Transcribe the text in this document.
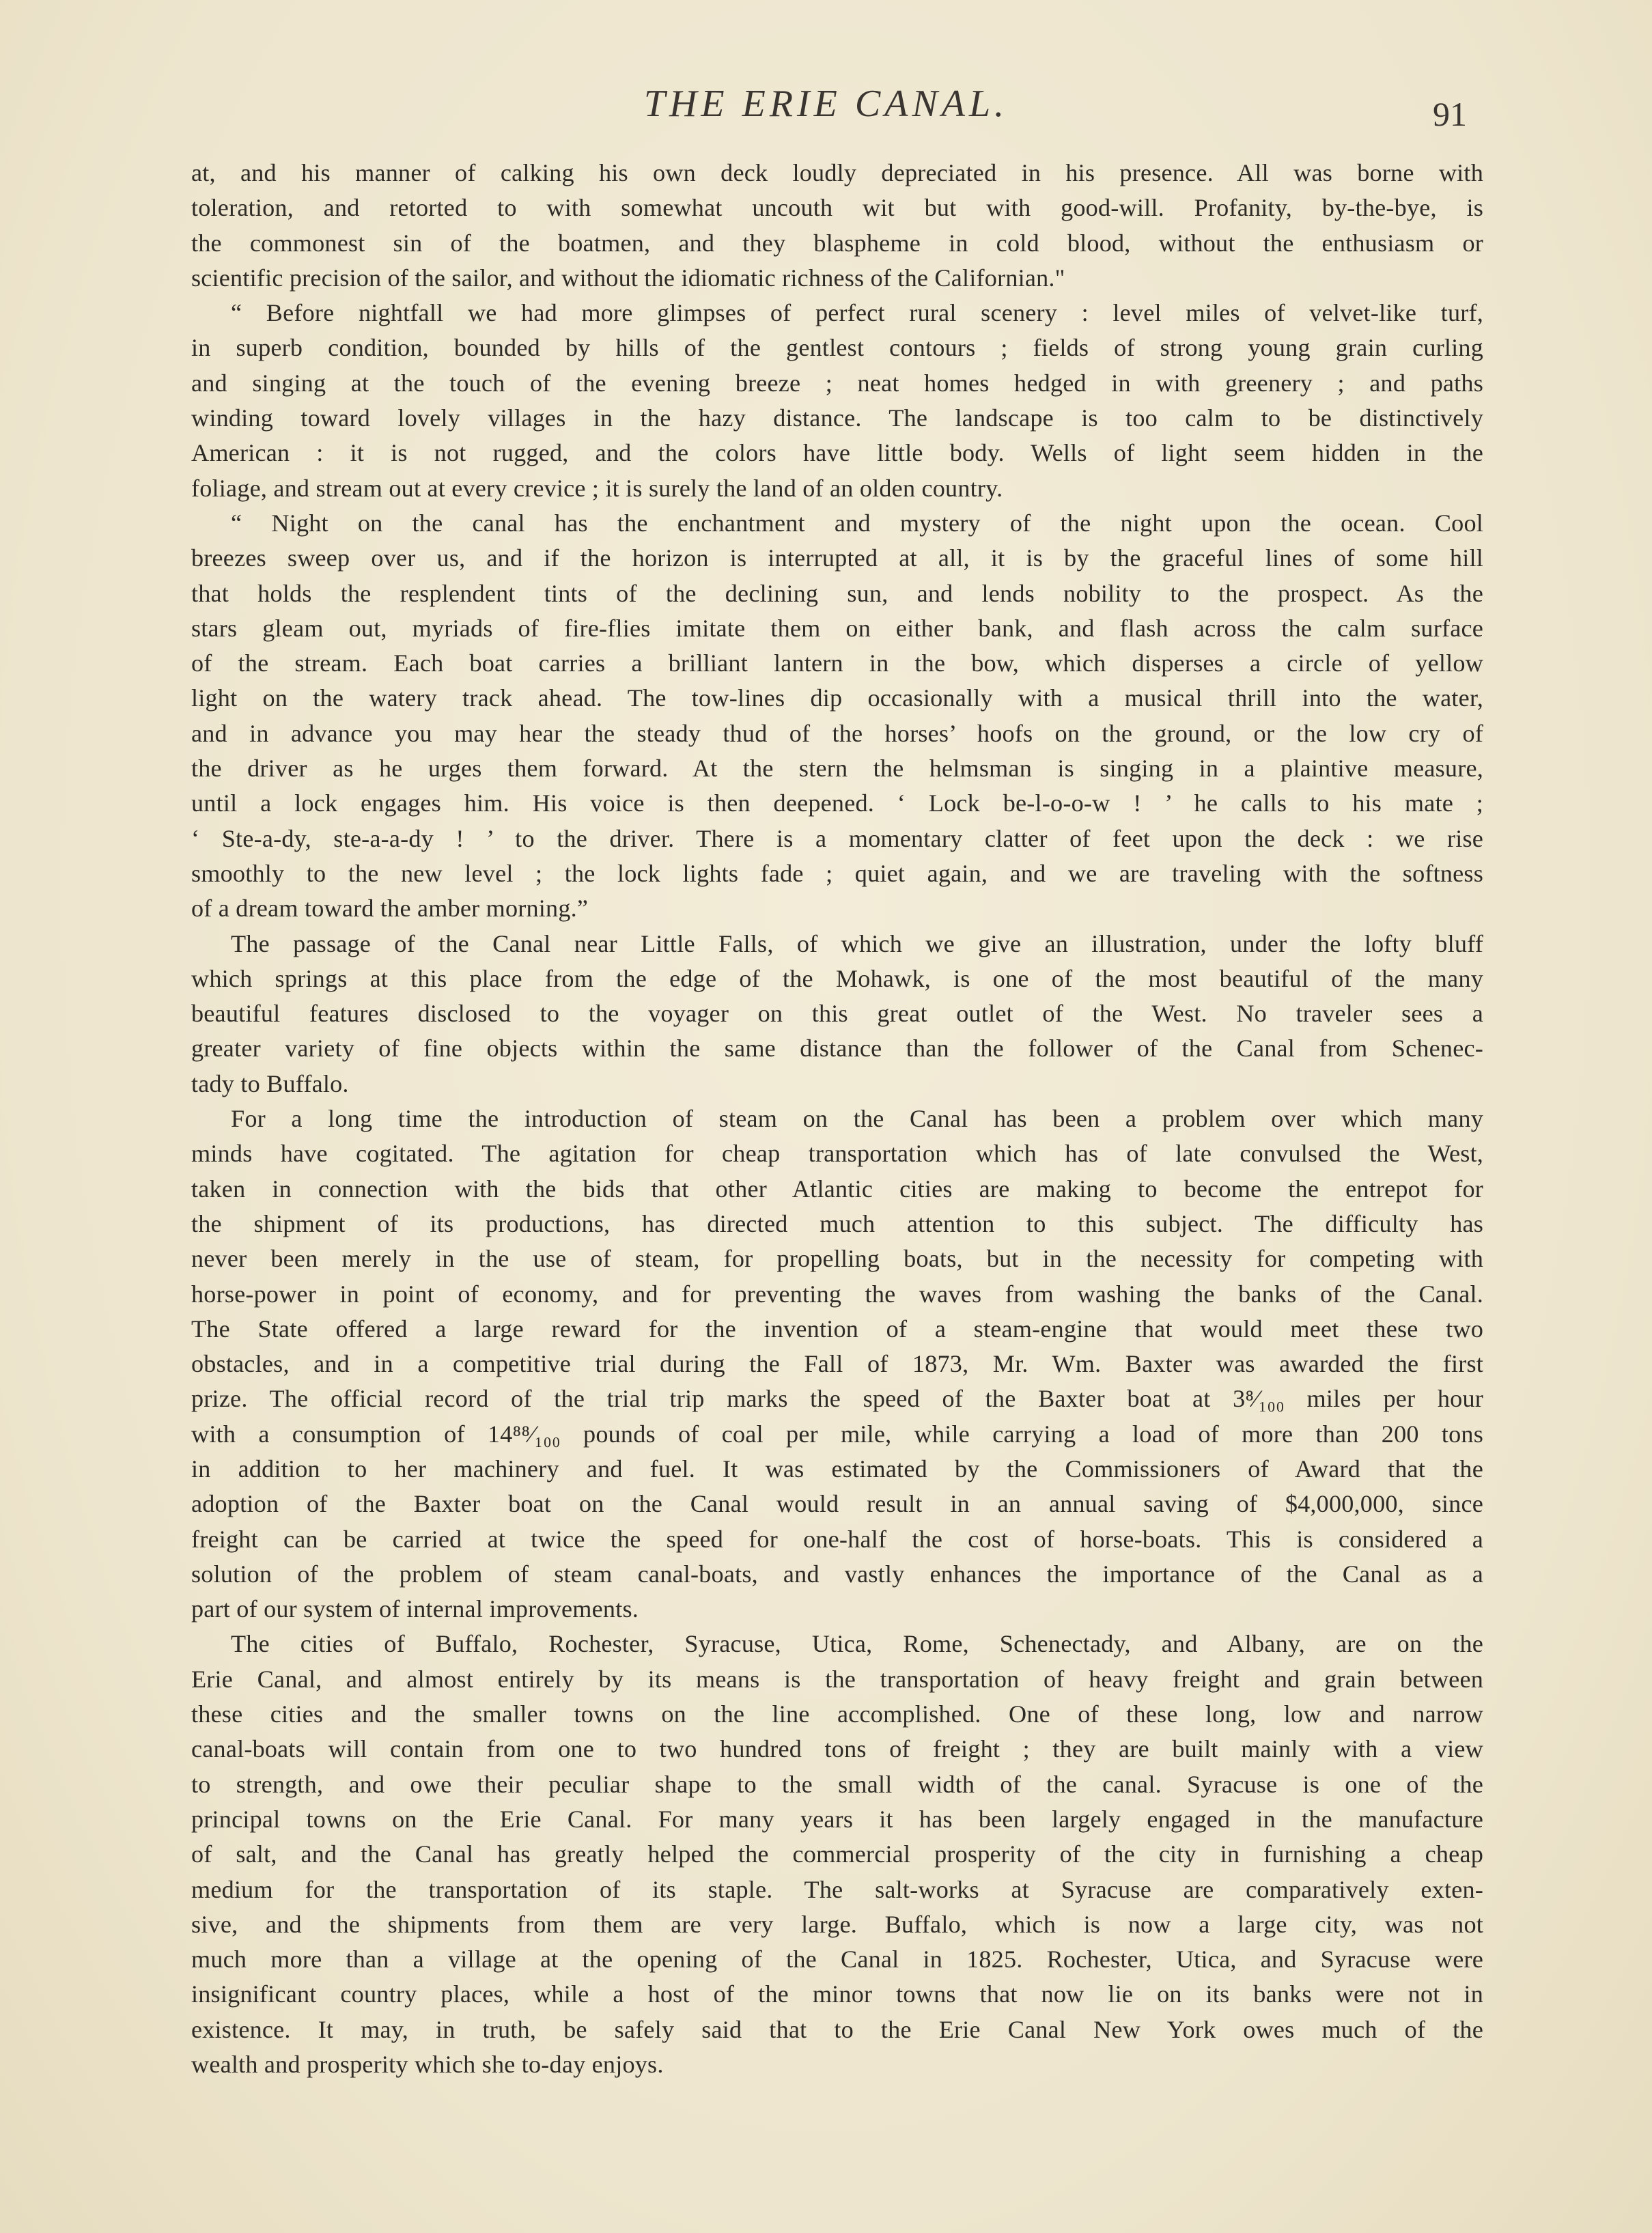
THE ERIE CANAL.	91

at, and his manner of calking his own deck loudly depreciated in his presence. All was borne with
toleration, and retorted to with somewhat uncouth wit but with good-will. Profanity, by-the-bye, is
the commonest sin of the boatmen, and they blaspheme in cold blood, without the enthusiasm or
scientific precision of the sailor, and without the idiomatic richness of the Californian."

“ Before nightfall we had more glimpses of perfect rural scenery : level miles of velvet-like turf,
in superb condition, bounded by hills of the gentlest contours ; fields of strong young grain curling
and singing at the touch of the evening breeze ; neat homes hedged in with greenery ; and paths
winding toward lovely villages in the hazy distance. The landscape is too calm to be distinctively
American : it is not rugged, and the colors have little body. Wells of light seem hidden in the
foliage, and stream out at every crevice ; it is surely the land of an olden country.

“ Night on the canal has the enchantment and mystery of the night upon the ocean. Cool
breezes sweep over us, and if the horizon is interrupted at all, it is by the graceful lines of some hill
that holds the resplendent tints of the declining sun, and lends nobility to the prospect. As the
stars gleam out, myriads of fire-flies imitate them on either bank, and flash across the calm surface
of the stream. Each boat carries a brilliant lantern in the bow, which disperses a circle of yellow
light on the watery track ahead. The tow-lines dip occasionally with a musical thrill into the water,
and in advance you may hear the steady thud of the horses’ hoofs on the ground, or the low cry of
the driver as he urges them forward. At the stern the helmsman is singing in a plaintive measure,
until a lock engages him. His voice is then deepened. ‘ Lock be-l-o-o-w ! ’ he calls to his mate ;
‘ Ste-a-dy, ste-a-a-dy ! ’ to the driver. There is a momentary clatter of feet upon the deck : we rise
smoothly to the new level ; the lock lights fade ; quiet again, and we are traveling with the softness
of a dream toward the amber morning.”

The passage of the Canal near Little Falls, of which we give an illustration, under the lofty bluff
which springs at this place from the edge of the Mohawk, is one of the most beautiful of the many
beautiful features disclosed to the voyager on this great outlet of the West. No traveler sees a
greater variety of fine objects within the same distance than the follower of the Canal from Schenec-
tady to Buffalo.

For a long time the introduction of steam on the Canal has been a problem over which many
minds have cogitated. The agitation for cheap transportation which has of late convulsed the West,
taken in connection with the bids that other Atlantic cities are making to become the entrepot for
the shipment of its productions, has directed much attention to this subject. The difficulty has
never been merely in the use of steam, for propelling boats, but in the necessity for competing with
horse-power in point of economy, and for preventing the waves from washing the banks of the Canal.
The State offered a large reward for the invention of a steam-engine that would meet these two
obstacles, and in a competitive trial during the Fall of 1873, Mr. Wm. Baxter was awarded the first
prize. The official record of the trial trip marks the speed of the Baxter boat at 3⁸⁄₁₀₀ miles per hour
with a consumption of 14⁸⁸⁄₁₀₀ pounds of coal per mile, while carrying a load of more than 200 tons
in addition to her machinery and fuel. It was estimated by the Commissioners of Award that the
adoption of the Baxter boat on the Canal would result in an annual saving of $4,000,000, since
freight can be carried at twice the speed for one-half the cost of horse-boats. This is considered a
solution of the problem of steam canal-boats, and vastly enhances the importance of the Canal as a
part of our system of internal improvements.

The cities of Buffalo, Rochester, Syracuse, Utica, Rome, Schenectady, and Albany, are on the
Erie Canal, and almost entirely by its means is the transportation of heavy freight and grain between
these cities and the smaller towns on the line accomplished. One of these long, low and narrow
canal-boats will contain from one to two hundred tons of freight ; they are built mainly with a view
to strength, and owe their peculiar shape to the small width of the canal. Syracuse is one of the
principal towns on the Erie Canal. For many years it has been largely engaged in the manufacture
of salt, and the Canal has greatly helped the commercial prosperity of the city in furnishing a cheap
medium for the transportation of its staple. The salt-works at Syracuse are comparatively exten-
sive, and the shipments from them are very large. Buffalo, which is now a large city, was not
much more than a village at the opening of the Canal in 1825. Rochester, Utica, and Syracuse were
insignificant country places, while a host of the minor towns that now lie on its banks were not in
existence. It may, in truth, be safely said that to the Erie Canal New York owes much of the
wealth and prosperity which she to-day enjoys.
